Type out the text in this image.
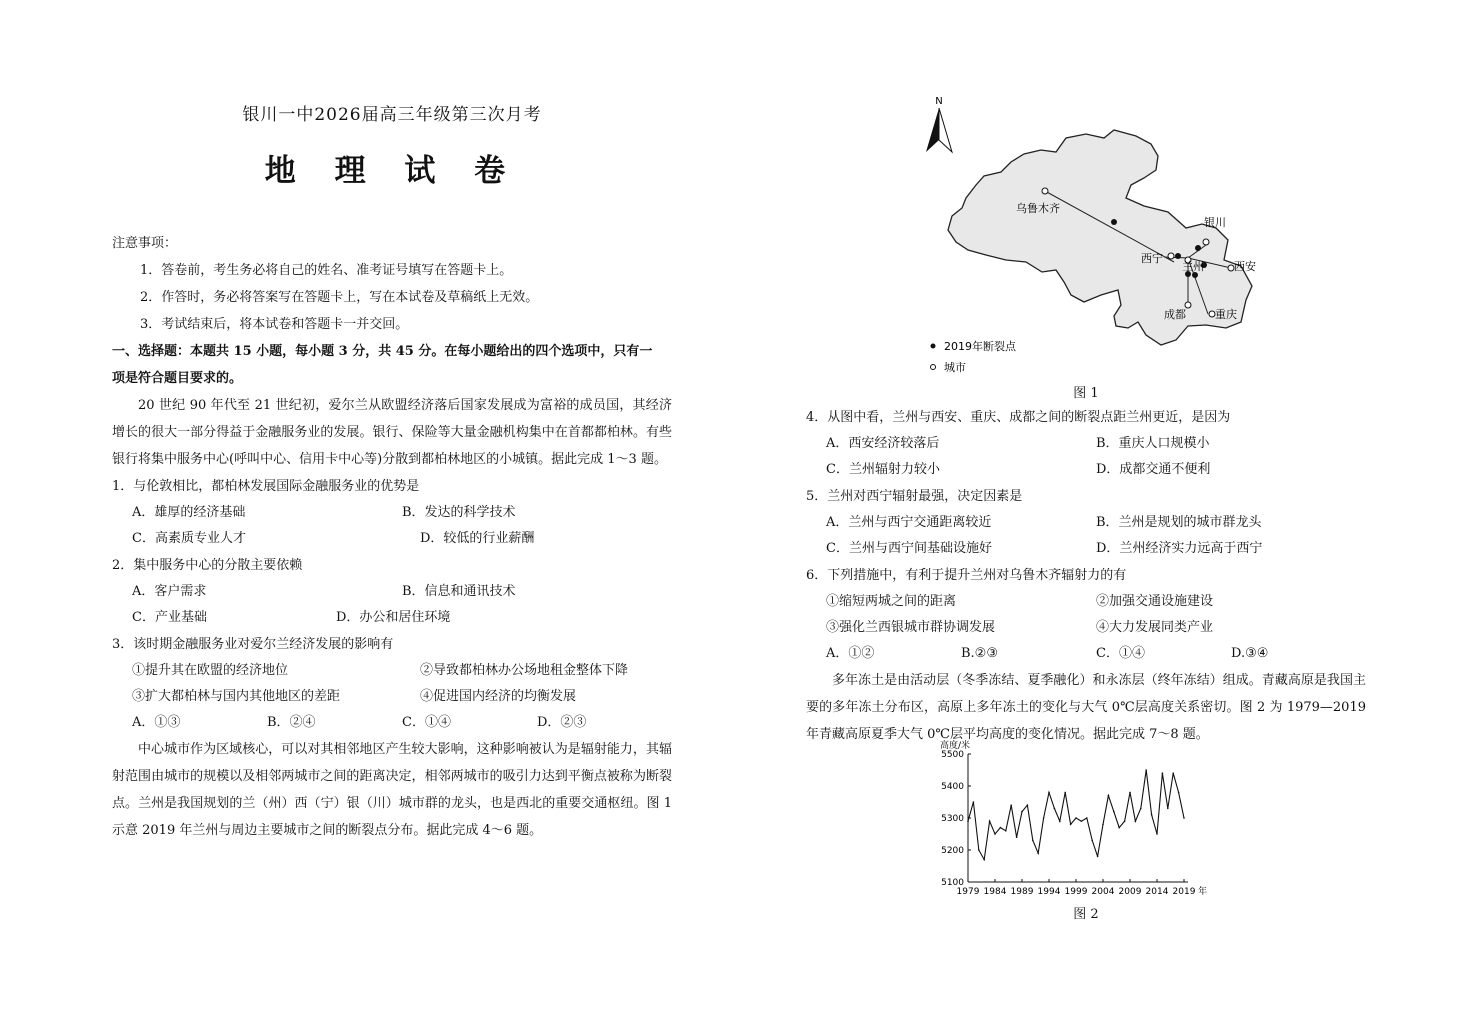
银川一中2026届高三年级第三次月考
地 理 试 卷
注意事项：
1．答卷前，考生务必将自己的姓名、准考证号填写在答题卡上。
2．作答时，务必将答案写在答题卡上，写在本试卷及草稿纸上无效。
3．考试结束后，将本试卷和答题卡一并交回。
一、选择题：本题共 15 小题，每小题 3 分，共 45 分。在每小题给出的四个选项中，只有一
项是符合题目要求的。
20 世纪 90 年代至 21 世纪初，爱尔兰从欧盟经济落后国家发展成为富裕的成员国，其经济增长的很大一部分得益于金融服务业的发展。银行、保险等大量金融机构集中在首都都柏林。有些银行将集中服务中心(呼叫中心、信用卡中心等)分散到都柏林地区的小城镇。据此完成 1～3 题。
1．与伦敦相比，都柏林发展国际金融服务业的优势是
A．雄厚的经济基础	B．发达的科学技术
C．高素质专业人才	D．较低的行业薪酬
2．集中服务中心的分散主要依赖
A．客户需求	B．信息和通讯技术
C．产业基础	D．办公和居住环境
3．该时期金融服务业对爱尔兰经济发展的影响有
①提升其在欧盟的经济地位	②导致都柏林办公场地租金整体下降
③扩大都柏林与国内其他地区的差距	④促进国内经济的均衡发展
A．①③	B．②④	C．①④	D．②③
中心城市作为区域核心，可以对其相邻地区产生较大影响，这种影响被认为是辐射能力，其辐射范围由城市的规模以及相邻两城市之间的距离决定，相邻两城市的吸引力达到平衡点被称为断裂点。兰州是我国规划的兰（州）西（宁）银（川）城市群的龙头，也是西北的重要交通枢纽。图 1 示意 2019 年兰州与周边主要城市之间的断裂点分布。据此完成 4～6 题。
N
乌鲁木齐
银川
西宁
兰州	西安
成都	重庆
2019年断裂点
城市
图 1
4．从图中看，兰州与西安、重庆、成都之间的断裂点距兰州更近，是因为
A．西安经济较落后	B．重庆人口规模小
C．兰州辐射力较小	D．成都交通不便利
5．兰州对西宁辐射最强，决定因素是
A．兰州与西宁交通距离较近	B．兰州是规划的城市群龙头
C．兰州与西宁间基础设施好	D．兰州经济实力远高于西宁
6．下列措施中，有利于提升兰州对乌鲁木齐辐射力的有
①缩短两城之间的距离	②加强交通设施建设
③强化兰西银城市群协调发展	④大力发展同类产业
A．①②	B.②③	C．①④	D.③④
多年冻土是由活动层（冬季冻结、夏季融化）和永冻层（终年冻结）组成。青藏高原是我国主要的多年冻土分布区，高原上多年冻土的变化与大气 0℃层高度关系密切。图 2 为 1979—2019 年青藏高原夏季大气 0℃层平均高度的变化情况。据此完成 7～8 题。
高度/米
5100
5200
5300
5400
5500
1979 1984 1989 1994 1999 2004 2009 2014 2019 年
图 2
